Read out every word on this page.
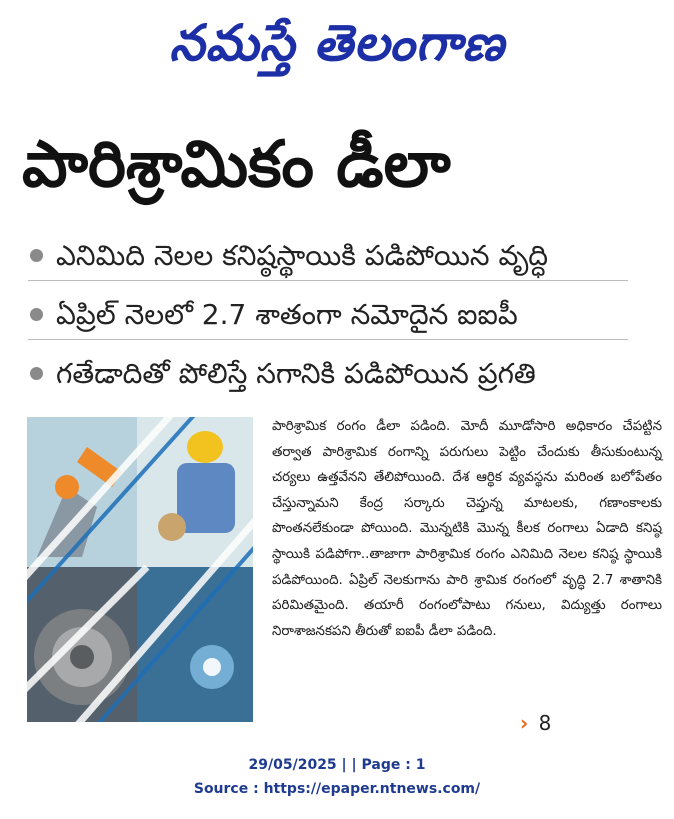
నమస్తే తెలంగాణ
పారిశ్రామికం డీలా
ఎనిమిది నెలల కనిష్ఠస్థాయికి పడిపోయిన వృద్ధి
ఏప్రిల్ నెలలో 2.7 శాతంగా నమోదైన ఐఐపీ
గతేడాదితో పోలిస్తే సగానికి పడిపోయిన ప్రగతి
పారిశ్రామిక రంగం డీలా పడింది. మోదీ మూడోసారి అధికారం చేపట్టిన తర్వాత పారిశ్రామిక రంగాన్ని పరుగులు పెట్టిం చేందుకు తీసుకుంటున్న చర్యలు ఉత్తవేనని తేలిపోయింది. దేశ ఆర్థిక వ్యవస్థను మరింత బలోపేతం చేస్తున్నామని కేంద్ర సర్కారు చెప్తున్న మాటలకు, గణాంకాలకు పొంతనలేకుండా పోయింది. మొన్నటికి మొన్న కీలక రంగాలు ఏడాది కనిష్ఠ స్థాయికి పడిపోగా..తాజాగా పారిశ్రామిక రంగం ఎనిమిది నెలల కనిష్ఠ స్థాయికి పడిపోయింది. ఏప్రిల్ నెలకుగాను పారి శ్రామిక రంగంలో వృద్ధి 2.7 శాతానికి పరిమితమైంది. తయారీ రంగంలోపాటు గనులు, విద్యుత్తు రంగాలు నిరాశాజనకపని తీరుతో ఐఐపీ డీలా పడింది.
› 8
29/05/2025 | | Page : 1
Source : https://epaper.ntnews.com/
